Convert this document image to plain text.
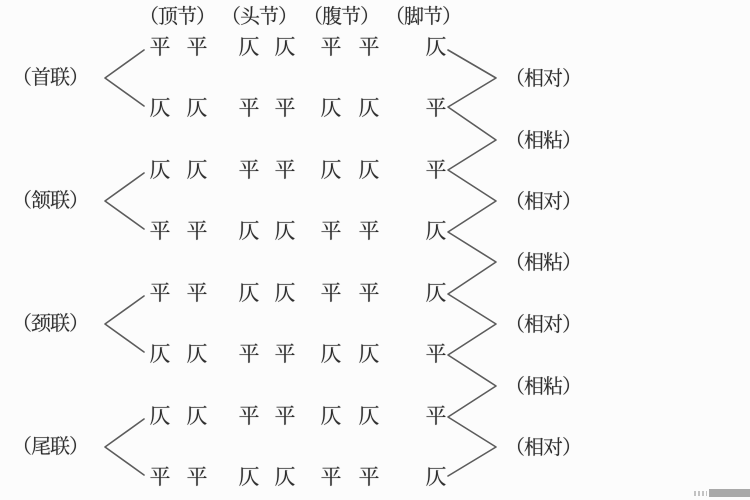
（顶节） （头节） （腹节） （脚节）
（首联）
（颔联）
（颈联）
（尾联）
平 平 仄 仄 平 平 仄
仄 仄 平 平 仄 仄 平
仄 仄 平 平 仄 仄 平
平 平 仄 仄 平 平 仄
平 平 仄 仄 平 平 仄
仄 仄 平 平 仄 仄 平
仄 仄 平 平 仄 仄 平
平 平 仄 仄 平 平 仄
（相对）
（相粘）
（相对）
（相粘）
（相对）
（相粘）
（相对）
